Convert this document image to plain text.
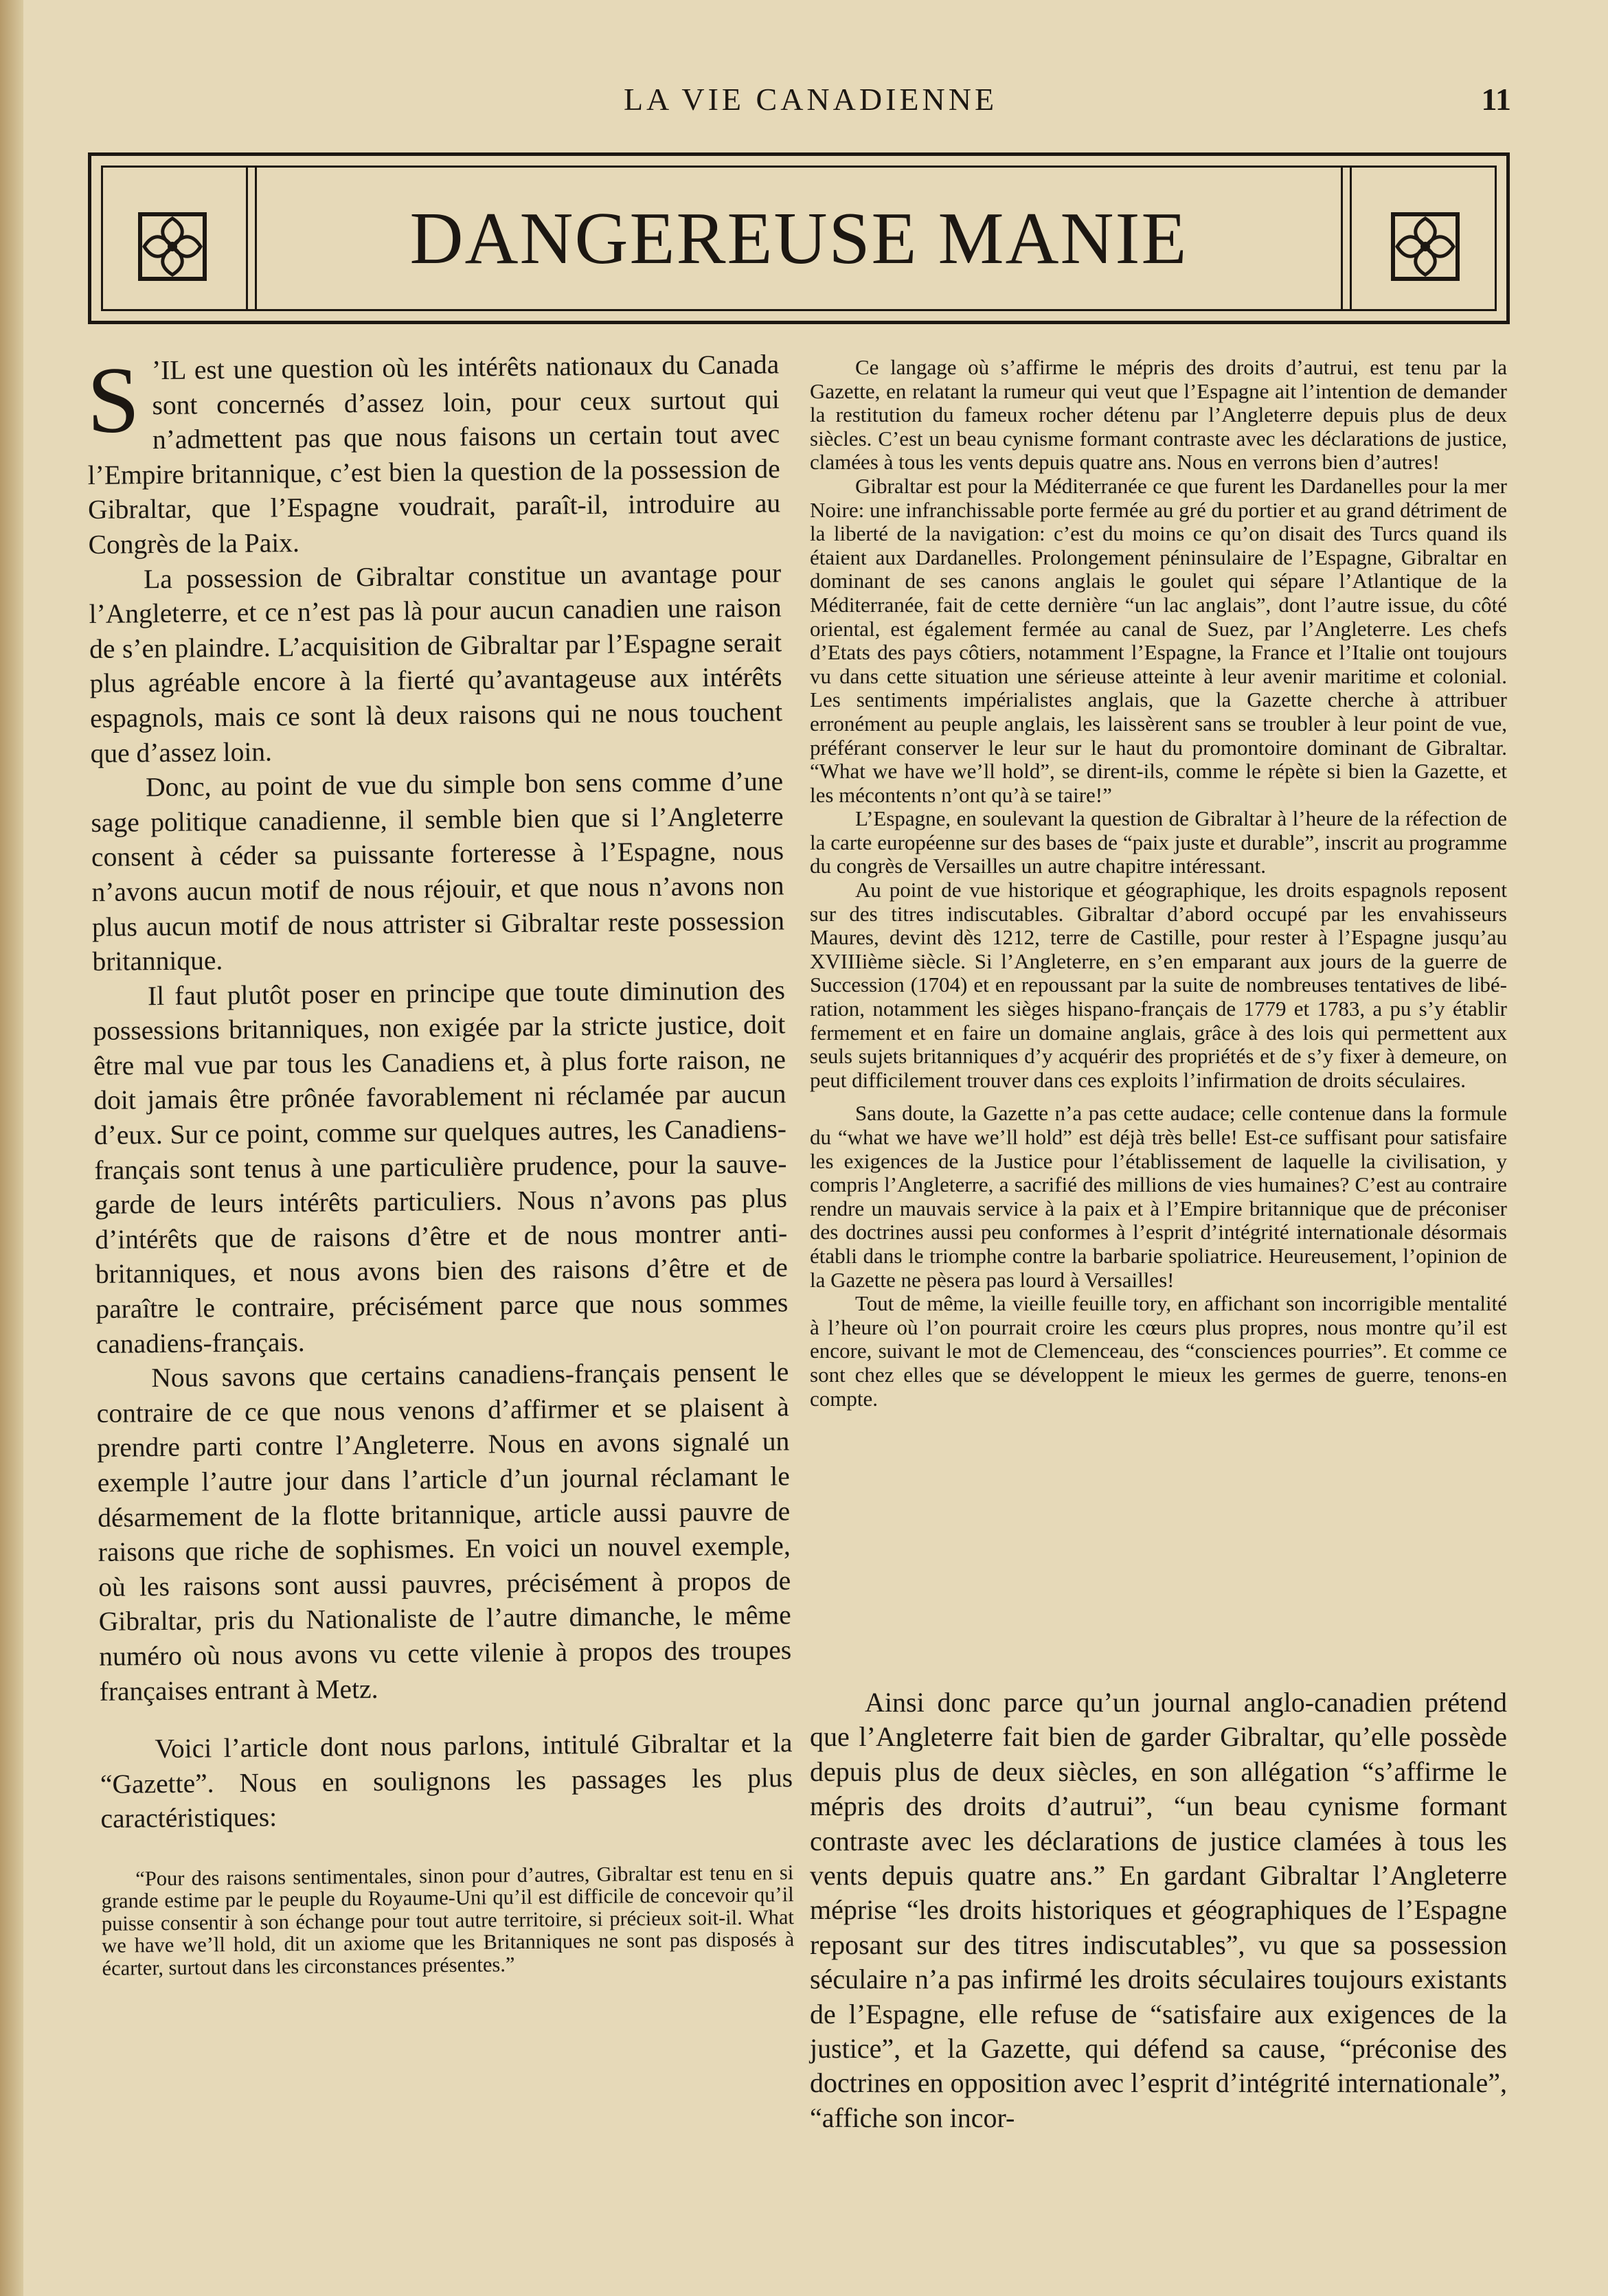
LA VIE CANADIENNE	11
DANGEREUSE MANIE

S ’IL est une question où les intérêts nationaux du Canada sont concernés d’assez loin, pour ceux surtout qui n’admettent pas que nous faisons un certain tout avec l’Empire britannique, c’est bien la question de la possession de Gibraltar, que l’Espagne voudrait, paraît-il, introduire au Congrès de la Paix.

La possession de Gibraltar constitue un avantage pour l’Angleterre, et ce n’est pas là pour aucun canadien une raison de s’en plaindre. L’acquisition de Gibraltar par l’Espagne serait plus agréable encore à la fierté qu’avantageuse aux intérêts espagnols, mais ce sont là deux raisons qui ne nous touchent que d’assez loin.

Donc, au point de vue du simple bon sens comme d’une sage politique canadienne, il semble bien que si l’Angleterre consent à céder sa puissante forteresse à l’Espagne, nous n’avons aucun motif de nous réjouir, et que nous n’avons non plus aucun motif de nous attrister si Gibraltar reste possession britannique.

Il faut plutôt poser en principe que toute diminution des possessions britanniques, non exigée par la stricte justice, doit être mal vue par tous les Canadiens et, à plus forte raison, ne doit jamais être prônée favorablement ni réclamée par aucun d’eux. Sur ce point, comme sur quelques autres, les Canadiens-français sont tenus à une particulière prudence, pour la sauvegarde de leurs intérêts particuliers. Nous n’avons pas plus d’intérêts que de raisons d’être et de nous montrer anti-britanniques, et nous avons bien des raisons d’être et de paraître le contraire, précisément parce que nous sommes canadiens-français.

Nous savons que certains canadiens-français pensent le contraire de ce que nous venons d’affirmer et se plaisent à prendre parti contre l’Angleterre. Nous en avons signalé un exemple l’autre jour dans l’article d’un journal réclamant le désarmement de la flotte britannique, article aussi pauvre de raisons que riche de sophismes. En voici un nouvel exemple, où les raisons sont aussi pauvres, précisément à propos de Gibraltar, pris du Nationaliste de l’autre dimanche, le même numéro où nous avons vu cette vilenie à propos des troupes françaises entrant à Metz.

Voici l’article dont nous parlons, intitulé Gibraltar et la “Gazette”. Nous en soulignons les passages les plus caractéristiques:

“Pour des raisons sentimentales, sinon pour d’autres, Gibraltar est tenu en si grande estime par le peuple du Royaume-Uni qu’il est difficile de concevoir qu’il puisse consentir à son échange pour tout autre territoire, si précieux soit-il. What we have we’ll hold, dit un axiome que les Britanniques ne sont pas disposés à écarter, surtout dans les circonstances présentes.”

Ce langage où s’affirme le mépris des droits d’autrui, est tenu par la Gazette, en relatant la rumeur qui veut que l’Espagne ait l’intention de demander la restitution du fameux rocher détenu par l’Angleterre depuis plus de deux siècles. C’est un beau cynisme formant contraste avec les déclarations de justice, clamées à tous les vents depuis quatre ans. Nous en verrons bien d’autres!

Gibraltar est pour la Méditerranée ce que furent les Dardanelles pour la mer Noire: une infranchissable porte fermée au gré du portier et au grand détriment de la liberté de la navigation: c’est du moins ce qu’on disait des Turcs quand ils étaient aux Dardanelles. Prolongement péninsulaire de l’Espagne, Gibraltar en dominant de ses canons anglais le goulet qui sépare l’Atlantique de la Méditerranée, fait de cette dernière “un lac anglais”, dont l’autre issue, du côté oriental, est également fermée au canal de Suez, par l’Angleterre. Les chefs d’Etats des pays côtiers, notamment l’Espagne, la France et l’Italie ont toujours vu dans cette situation une sérieuse atteinte à leur avenir maritime et colonial. Les sentiments impérialistes anglais, que la Gazette cherche à attribuer erronément au peuple anglais, les laissèrent sans se troubler à leur point de vue, préférant conserver le leur sur le haut du promontoire dominant de Gibraltar. “What we have we’ll hold”, se dirent-ils, comme le répète si bien la Gazette, et les mécontents n’ont qu’à se taire!”

L’Espagne, en soulevant la question de Gibraltar à l’heure de la réfection de la carte européenne sur des bases de “paix juste et durable”, inscrit au programme du congrès de Versailles un autre chapitre intéressant.

Au point de vue historique et géographique, les droits espagnols reposent sur des titres indiscutables. Gibraltar d’abord occupé par les envahisseurs Maures, devint dès 1212, terre de Castille, pour rester à l’Espagne jusqu’au XVIIIième siècle. Si l’Angleterre, en s’en emparant aux jours de la guerre de Succession (1704) et en repoussant par la suite de nombreuses tentatives de libération, notamment les sièges hispano-français de 1779 et 1783, a pu s’y établir fermement et en faire un domaine anglais, grâce à des lois qui permettent aux seuls sujets britanniques d’y acquérir des propriétés et de s’y fixer à demeure, on peut difficilement trouver dans ces exploits l’infirmation de droits séculaires.

Sans doute, la Gazette n’a pas cette audace; celle contenue dans la formule du “what we have we’ll hold” est déjà très belle! Est-ce suffisant pour satisfaire les exigences de la Justice pour l’établissement de laquelle la civilisation, y compris l’Angleterre, a sacrifié des millions de vies humaines? C’est au contraire rendre un mauvais service à la paix et à l’Empire britannique que de préconiser des doctrines aussi peu conformes à l’esprit d’intégrité internationale désormais établi dans le triomphe contre la barbarie spoliatrice. Heureusement, l’opinion de la Gazette ne pèsera pas lourd à Versailles!

Tout de même, la vieille feuille tory, en affichant son incorrigible mentalité à l’heure où l’on pourrait croire les cœurs plus propres, nous montre qu’il est encore, suivant le mot de Clemenceau, des “consciences pourries”. Et comme ce sont chez elles que se développent le mieux les germes de guerre, tenons-en compte.

Ainsi donc parce qu’un journal anglo-canadien prétend que l’Angleterre fait bien de garder Gibraltar, qu’elle possède depuis plus de deux siècles, en son allégation “s’affirme le mépris des droits d’autrui”, “un beau cynisme formant contraste avec les déclarations de justice clamées à tous les vents depuis quatre ans.” En gardant Gibraltar l’Angleterre méprise “les droits historiques et géographiques de l’Espagne reposant sur des titres indiscutables”, vu que sa possession séculaire n’a pas infirmé les droits séculaires toujours existants de l’Espagne, elle refuse de “satisfaire aux exigences de la justice”, et la Gazette, qui défend sa cause, “préconise des doctrines en opposition avec l’esprit d’intégrité internationale”, “affiche son incor-
